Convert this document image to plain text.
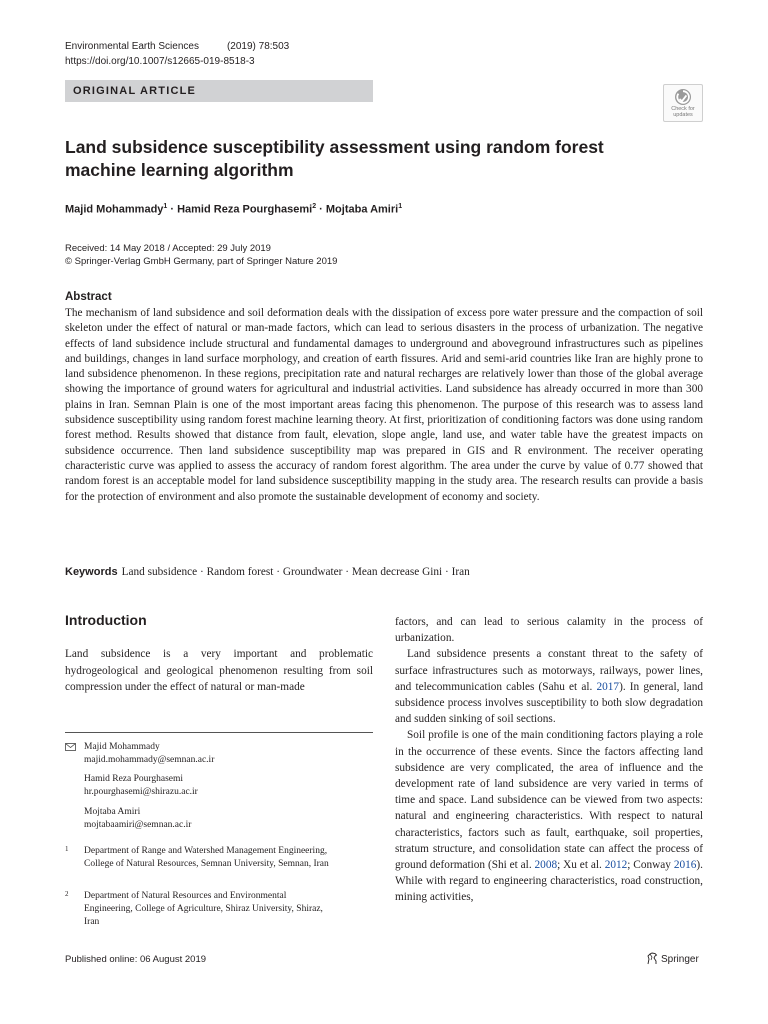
Environmental Earth Sciences	(2019) 78:503
https://doi.org/10.1007/s12665-019-8518-3
ORIGINAL ARTICLE
Check for
updates
Land subsidence susceptibility assessment using random forest machine learning algorithm
Majid Mohammady$^1$ · Hamid Reza Pourghasemi$^2$ · Mojtaba Amiri$^1$
Received: 14 May 2018 / Accepted: 29 July 2019
© Springer-Verlag GmbH Germany, part of Springer Nature 2019
Abstract
The mechanism of land subsidence and soil deformation deals with the dissipation of excess pore water pressure and the compaction of soil skeleton under the effect of natural or man-made factors, which can lead to serious disasters in the process of urbanization. The negative effects of land subsidence include structural and fundamental damages to underground and aboveground infrastructures such as pipelines and buildings, changes in land surface morphology, and creation of earth fissures. Arid and semi-arid countries like Iran are highly prone to land subsidence phenomenon. In these regions, precipitation rate and natural recharges are relatively lower than those of the global average showing the importance of ground waters for agricultural and industrial activities. Land subsidence has already occurred in more than 300 plains in Iran. Semnan Plain is one of the most important areas facing this phenomenon. The purpose of this research was to assess land subsidence susceptibility using random forest machine learning theory. At first, prioritization of conditioning factors was done using random forest method. Results showed that distance from fault, elevation, slope angle, land use, and water table have the greatest impacts on subsidence occurrence. Then land subsidence susceptibility map was prepared in GIS and R environment. The receiver operating characteristic curve was applied to assess the accuracy of random forest algorithm. The area under the curve by value of 0.77 showed that random forest is an acceptable model for land subsidence susceptibility mapping in the study area. The research results can provide a basis for the protection of environment and also promote the sustainable development of economy and society.
Keywords Land subsidence · Random forest · Groundwater · Mean decrease Gini · Iran
Introduction

Land subsidence is a very important and problematic hydrogeological and geological phenomenon resulting from soil compression under the effect of natural or man-made

Majid Mohammady
majid.mohammady@semnan.ac.ir
Hamid Reza Pourghasemi
hr.pourghasemi@shirazu.ac.ir
Mojtaba Amiri
mojtabaamiri@semnan.ac.ir
1	Department of Range and Watershed Management Engineering, College of Natural Resources, Semnan University, Semnan, Iran
2	Department of Natural Resources and Environmental Engineering, College of Agriculture, Shiraz University, Shiraz, Iran

factors, and can lead to serious calamity in the process of urbanization.

Land subsidence presents a constant threat to the safety of surface infrastructures such as motorways, railways, power lines, and telecommunication cables (Sahu et al. 2017). In general, land subsidence process involves susceptibility to both slow degradation and sudden sinking of soil sections.

Soil profile is one of the main conditioning factors playing a role in the occurrence of these events. Since the factors affecting land subsidence are very complicated, the area of influence and the development rate of land subsidence are very varied in terms of time and space. Land subsidence can be viewed from two aspects: natural and engineering characteristics. With respect to natural characteristics, factors such as fault, earthquake, soil properties, stratum structure, and consolidation state can affect the process of ground deformation (Shi et al. 2008; Xu et al. 2012; Conway 2016). While with regard to engineering characteristics, road construction, mining activities,

Published online: 06 August 2019	Springer
